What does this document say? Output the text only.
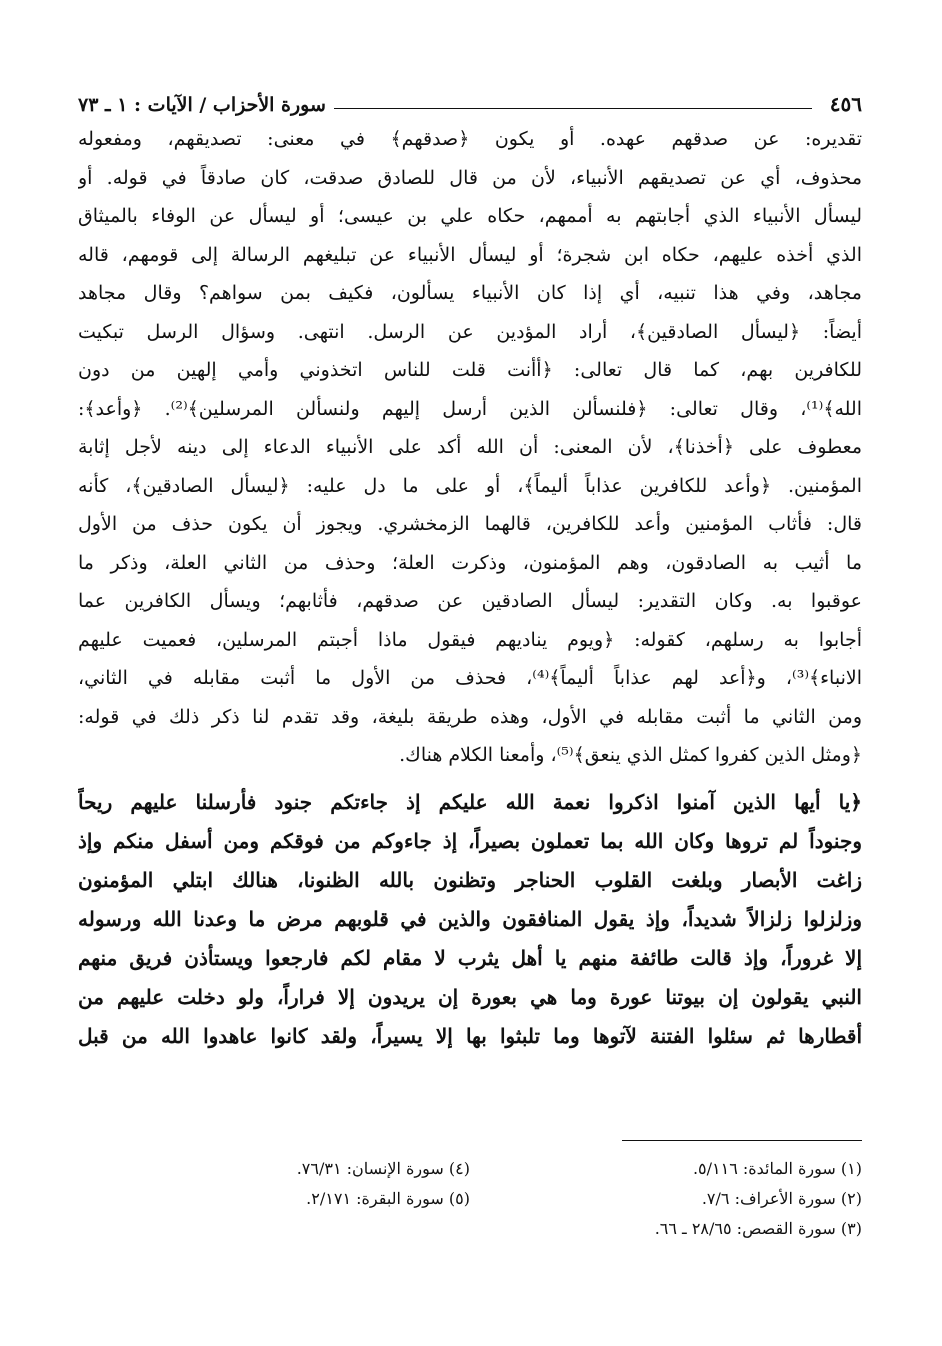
٤٥٦
سورة الأحزاب / الآيات : ١ ـ ٧٣
تقديره: عن صدقهم عهده. أو يكون ﴿صدقهم﴾ في معنى: تصديقهم، ومفعوله
محذوف، أي عن تصديقهم الأنبياء، لأن من قال للصادق صدقت، كان صادقاً في قوله. أو
ليسأل الأنبياء الذي أجابتهم به أممهم، حكاه علي بن عيسى؛ أو ليسأل عن الوفاء بالميثاق
الذي أخذه عليهم، حكاه ابن شجرة؛ أو ليسأل الأنبياء عن تبليغهم الرسالة إلى قومهم، قاله
مجاهد، وفي هذا تنبيه، أي إذا كان الأنبياء يسألون، فكيف بمن سواهم؟ وقال مجاهد
أيضاً: ﴿ليسأل الصادقين﴾، أراد المؤدين عن الرسل. انتهى. وسؤال الرسل تبكيت
للكافرين بهم، كما قال تعالى: ﴿أأنت قلت للناس اتخذوني وأمي إلهين من دون
الله﴾⁽¹⁾، وقال تعالى: ﴿فلنسألن الذين أرسل إليهم ولنسألن المرسلين﴾⁽²⁾. ﴿وأعد﴾:
معطوف على ﴿أخذنا﴾، لأن المعنى: أن الله أكد على الأنبياء الدعاء إلى دينه لأجل إثابة
المؤمنين. ﴿وأعد للكافرين عذاباً أليماً﴾، أو على ما دل عليه: ﴿ليسأل الصادقين﴾، كأنه
قال: فأثاب المؤمنين وأعد للكافرين، قالهما الزمخشري. ويجوز أن يكون حذف من الأول
ما أثيب به الصادقون، وهم المؤمنون، وذكرت العلة؛ وحذف من الثاني العلة، وذكر ما
عوقبوا به. وكان التقدير: ليسأل الصادقين عن صدقهم، فأثابهم؛ ويسأل الكافرين عما
أجابوا به رسلهم، كقوله: ﴿ويوم يناديهم فيقول ماذا أجبتم المرسلين، فعميت عليهم
الانباء﴾⁽³⁾، و﴿أعد لهم عذاباً أليماً﴾⁽⁴⁾، فحذف من الأول ما أثبت مقابله في الثاني،
ومن الثاني ما أثبت مقابله في الأول، وهذه طريقة بليغة، وقد تقدم لنا ذكر ذلك في قوله:
﴿ومثل الذين كفروا كمثل الذي ينعق﴾⁽⁵⁾، وأمعنا الكلام هناك.
﴿يا أيها الذين آمنوا اذكروا نعمة الله عليكم إذ جاءتكم جنود فأرسلنا عليهم ريحاً
وجنوداً لم تروها وكان الله بما تعملون بصيراً، إذ جاءوكم من فوقكم ومن أسفل منكم وإذ
زاغت الأبصار وبلغت القلوب الحناجر وتظنون بالله الظنونا، هنالك ابتلي المؤمنون
وزلزلوا زلزالاً شديداً، وإذ يقول المنافقون والذين في قلوبهم مرض ما وعدنا الله ورسوله
إلا غروراً، وإذ قالت طائفة منهم يا أهل يثرب لا مقام لكم فارجعوا ويستأذن فريق منهم
النبي يقولون إن بيوتنا عورة وما هي بعورة إن يريدون إلا فراراً، ولو دخلت عليهم من
أقطارها ثم سئلوا الفتنة لآتوها وما تلبثوا بها إلا يسيراً، ولقد كانوا عاهدوا الله من قبل
(١) سورة المائدة: ٥/١١٦.
(٢) سورة الأعراف: ٧/٦.
(٣) سورة القصص: ٢٨/٦٥ ـ ٦٦.
(٤) سورة الإنسان: ٧٦/٣١.
(٥) سورة البقرة: ٢/١٧١.
